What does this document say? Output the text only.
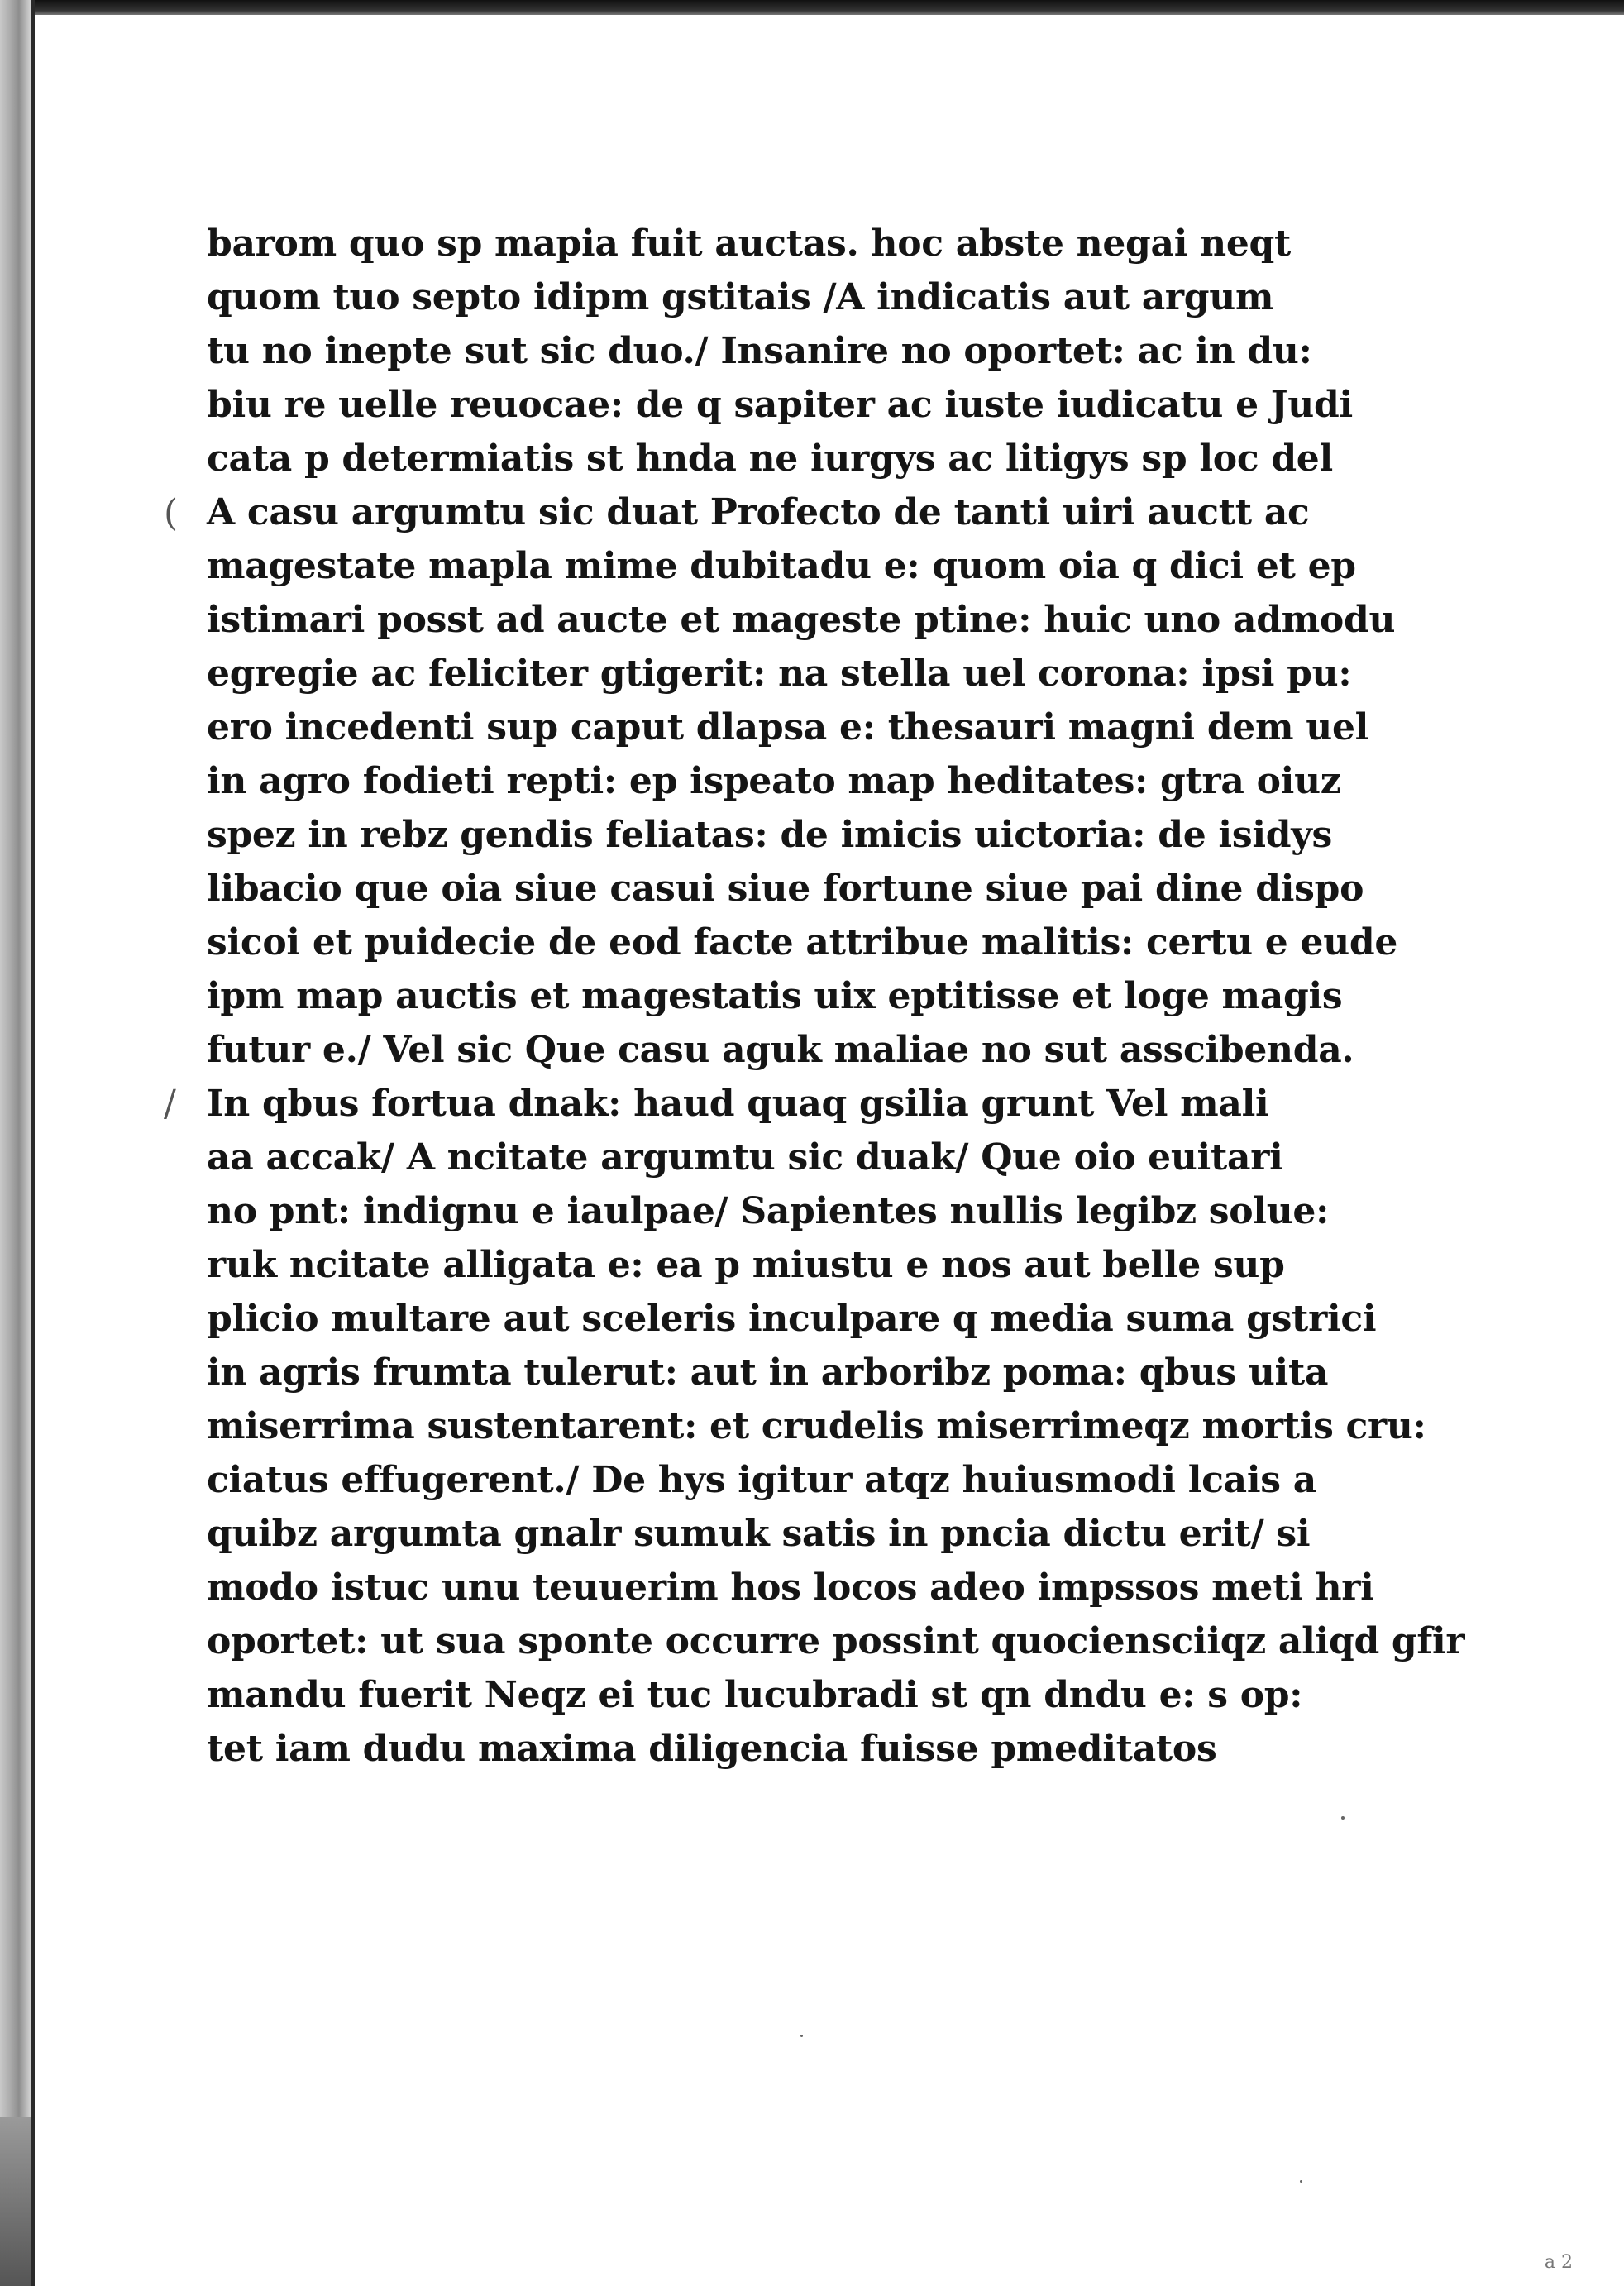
(
/
barom quo sp mapia fuit auctas. hoc abste negai neqt
quom tuo septo idipm gstitais /A indicatis aut argum
tu no inepte sut sic duo./ Insanire no oportet: ac in du:
biu re uelle reuocae: de q sapiter ac iuste iudicatu e Judi
cata p determiatis st hnda ne iurgys ac litigys sp loc del
A casu argumtu sic duat Profecto de tanti uiri auctt ac
magestate mapla mime dubitadu e: quom oia q dici et ep
istimari posst ad aucte et mageste ptine: huic uno admodu
egregie ac feliciter gtigerit: na stella uel corona: ipsi pu:
ero incedenti sup caput dlapsa e: thesauri magni dem uel
in agro fodieti repti: ep ispeato map heditates: gtra oiuz
spez in rebz gendis feliatas: de imicis uictoria: de isidys
libacio que oia siue casui siue fortune siue pai dine dispo
sicoi et puidecie de eod facte attribue malitis: certu e eude
ipm map auctis et magestatis uix eptitisse et loge magis
futur e./ Vel sic Que casu aguk maliae no sut asscibenda.
In qbus fortua dnak: haud quaq gsilia grunt Vel mali
aa accak/ A ncitate argumtu sic duak/ Que oio euitari
no pnt: indignu e iaulpae/ Sapientes nullis legibz solue:
ruk ncitate alligata e: ea p miustu e nos aut belle sup
plicio multare aut sceleris inculpare q media suma gstrici
in agris frumta tulerut: aut in arboribz poma: qbus uita
miserrima sustentarent: et crudelis miserrimeqz mortis cru:
ciatus effugerent./ De hys igitur atqz huiusmodi lcais a
quibz argumta gnalr sumuk satis in pncia dictu erit/ si
modo istuc unu teuuerim hos locos adeo impssos meti hri
oportet: ut sua sponte occurre possint quociensciiqz aliqd gfir
mandu fuerit Neqz ei tuc lucubradi st qn dndu e: s op:
tet iam dudu maxima diligencia fuisse pmeditatos
a 2
